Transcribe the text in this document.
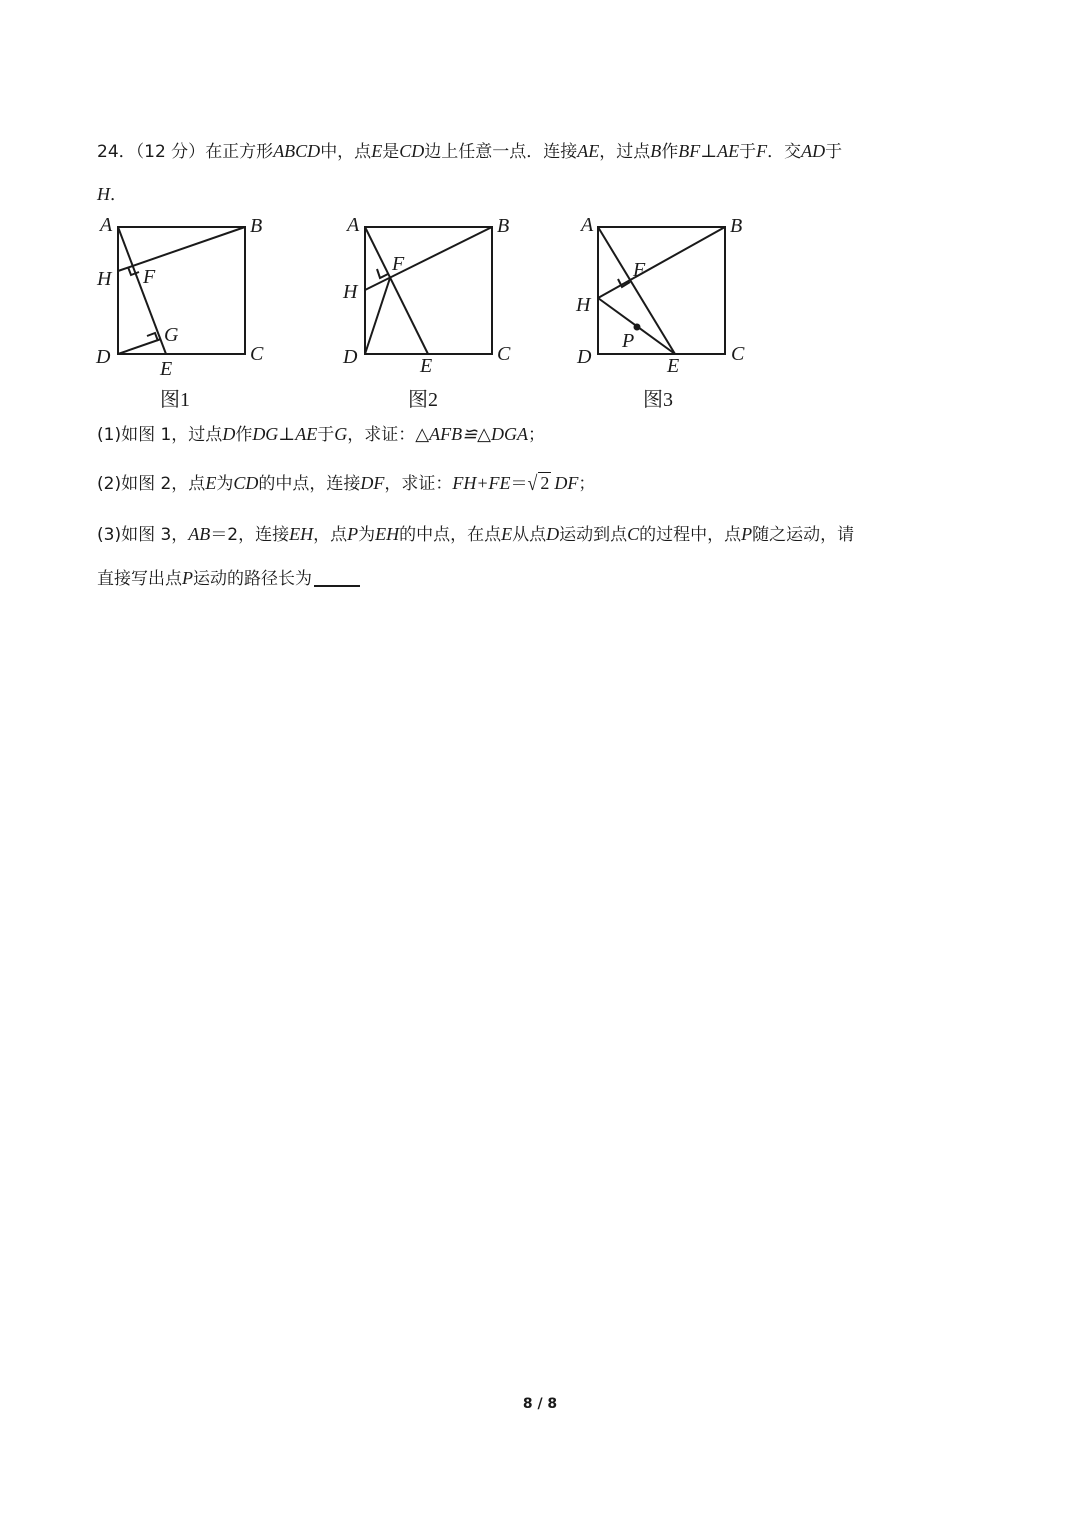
24．（12 分）在正方形ABCD中，点E是CD边上任意一点．连接AE，过点B作BF⊥AE于F．交AD于
H．
A	B
C
D
E
F
G
H
图1
A	B
C
D	E
F
H
图2
A	B
C
D	E
F
H
P
图3
(1)如图 1，过点D作DG⊥AE于G，求证：△AFB≌△DGA；
(2)如图 2，点E为CD的中点，连接DF，求证：FH+FE＝√ 2 DF；
(3)如图 3，AB＝2，连接EH，点P为EH的中点，在点E从点D运动到点C的过程中，点P随之运动，请
直接写出点P运动的路径长为
8 / 8
